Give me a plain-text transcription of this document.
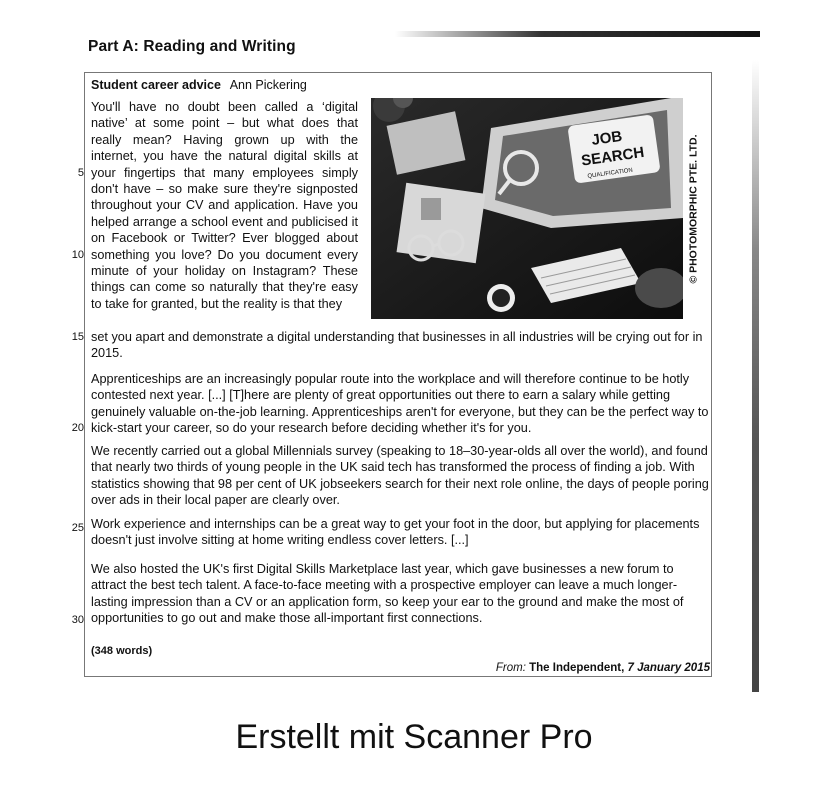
Part A: Reading and Writing
Student career advice Ann Pickering
You'll have no doubt been called a ‘digital native’ at some point – but what does that really mean? Having grown up with the internet, you have the natural digital skills at your fingertips that many employees simply don't have – so make sure they're signposted throughout your CV and application. Have you helped arrange a school event and publicised it on Facebook or Twitter? Ever blogged about something you love? Do you document every minute of your holiday on Instagram? These things can come so naturally that they're easy to take for granted, but the reality is that they
set you apart and demonstrate a digital understanding that businesses in all industries will be crying out for in 2015.
Apprenticeships are an increasingly popular route into the workplace and will therefore continue to be hotly contested next year. [...] [T]here are plenty of great opportunities out there to earn a salary while getting genuinely valuable on-the-job learning. Apprenticeships aren't for everyone, but they can be the perfect way to kick-start your career, so do your research before deciding whether it's for you.
We recently carried out a global Millennials survey (speaking to 18–30-year-olds all over the world), and found that nearly two thirds of young people in the UK said tech has transformed the process of finding a job. With statistics showing that 98 per cent of UK jobseekers search for their next role online, the days of people poring over ads in their local paper are clearly over.
Work experience and internships can be a great way to get your foot in the door, but applying for placements doesn't just involve sitting at home writing endless cover letters. [...]
We also hosted the UK's first Digital Skills Marketplace last year, which gave businesses a new forum to attract the best tech talent. A face-to-face meeting with a prospective employer can leave a much longer-lasting impression than a CV or an application form, so keep your ear to the ground and make the most of opportunities to go out and make those all-important first connections.
5
10
15
20
25
30
(348 words)
From: The Independent, 7 January 2015
JOB
SEARCH
QUALIFICATION	© PHOTOMORPHIC PTE. LTD.
Erstellt mit Scanner Pro
